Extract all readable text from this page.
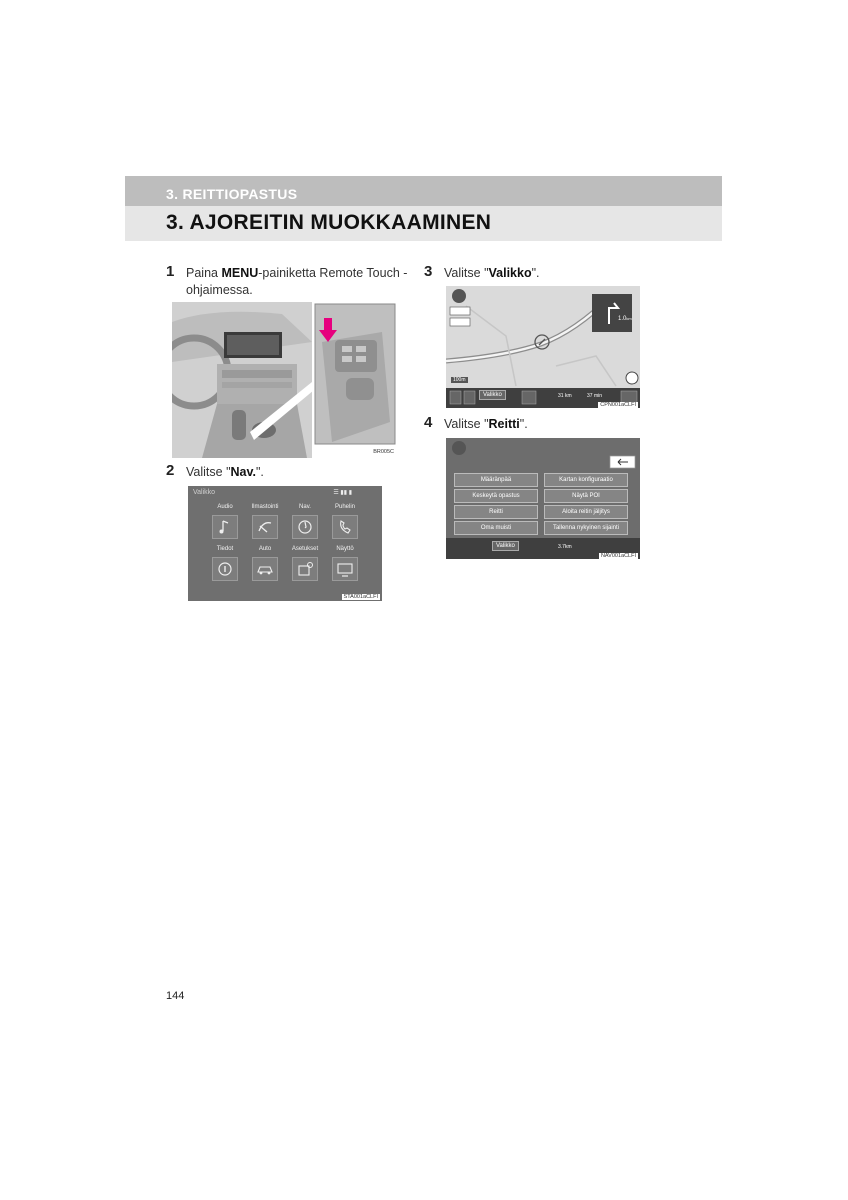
3. REITTIOPASTUS
3. AJOREITIN MUOKKAAMINEN
1 Paina MENU-painiketta Remote Touch -ohjaimessa.
BR005C
2 Valitse "Nav.".
Valikko	☰ ▮▮ ▮
Audio	Ilmastointi	Nav.	Puhelin
Tiedot	Auto	Asetukset	Näyttö
STA001aCLFI
3 Valitse "Valikko".
1.0km
100m
Valikko	31 km	37 min
CPN001aCLFI
4 Valitse "Reitti".
Määränpää	Kartan konfiguraatio
Keskeytä opastus	Näytä POI
Reitti	Aloita reitin jäljitys
Oma muisti	Tallenna nykyinen sijainti
Valikko	3.7km
NAV001aCLFI
144
